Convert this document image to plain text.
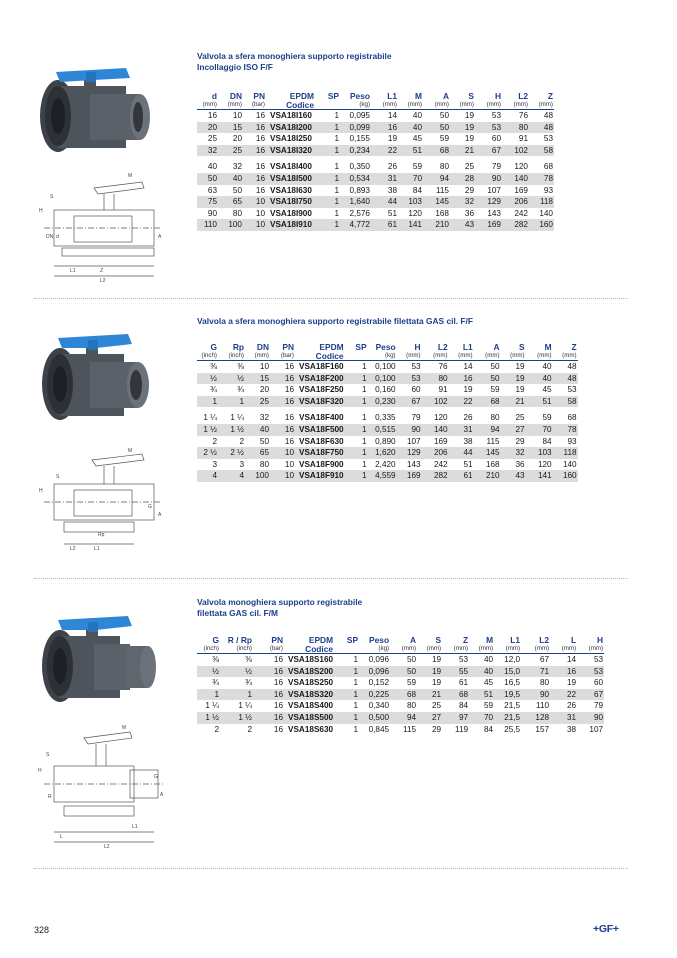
Valvola a sfera monoghiera supporto registrabile
Incollaggio ISO F/F
M
S
H
DN d	A
Z
L1
L2
d	DN	PN	EPDM	SP	Peso	L1	M	A	S	H	L2	Z
(mm)	(mm)	(bar)	Codice		(kg)	(mm)	(mm)	(mm)	(mm)	(mm)	(mm)	(mm)
16	10	16	VSA18I160	1	0,095	14	40	50	19	53	76	48
20	15	16	VSA18I200	1	0,099	16	40	50	19	53	80	48
25	20	16	VSA18I250	1	0,155	19	45	59	19	60	91	53
32	25	16	VSA18I320	1	0,234	22	51	68	21	67	102	58
40	32	16	VSA18I400	1	0,350	26	59	80	25	79	120	68
50	40	16	VSA18I500	1	0,534	31	70	94	28	90	140	78
63	50	16	VSA18I630	1	0,893	38	84	115	29	107	169	93
75	65	10	VSA18I750	1	1,640	44	103	145	32	129	206	118
90	80	10	VSA18I900	1	2,576	51	120	168	36	143	242	140
110	100	10	VSA18I910	1	4,772	61	141	210	43	169	282	160
Valvola a sfera monoghiera supporto registrabile filettata GAS cil. F/F
M
S
H
G
A
Rp
L1
L2
G	Rp	DN	PN	EPDM	SP	Peso	H	L2	L1	A	S	M	Z
(inch)	(inch)	(mm)	(bar)	Codice		(kg)	(mm)	(mm)	(mm)	(mm)	(mm)	(mm)	(mm)
⅜	⅜	10	16	VSA18F160	1	0,100	53	76	14	50	19	40	48
½	½	15	16	VSA18F200	1	0,100	53	80	16	50	19	40	48
¾	¾	20	16	VSA18F250	1	0,160	60	91	19	59	19	45	53
1	1	25	16	VSA18F320	1	0,230	67	102	22	68	21	51	58
1 ¼	1 ¼	32	16	VSA18F400	1	0,335	79	120	26	80	25	59	68
1 ½	1 ½	40	16	VSA18F500	1	0,515	90	140	31	94	27	70	78
2	2	50	16	VSA18F630	1	0,890	107	169	38	115	29	84	93
2 ½	2 ½	65	10	VSA18F750	1	1,620	129	206	44	145	32	103	118
3	3	80	10	VSA18F900	1	2,420	143	242	51	168	36	120	140
4	4	100	10	VSA18F910	1	4,559	169	282	61	210	43	141	160
Valvola monoghiera supporto registrabile
filettata GAS cil. F/M
M
S
H
G
A
R
L
L1
L2
G	R / Rp	PN	EPDM	SP	Peso	A	S	Z	M	L1	L2	L	H
(inch)	(inch)	(bar)	Codice		(kg)	(mm)	(mm)	(mm)	(mm)	(mm)	(mm)	(mm)	(mm)
⅜	⅜	16	VSA18S160	1	0,096	50	19	53	40	12,0	67	14	53
½	½	16	VSA18S200	1	0,096	50	19	55	40	15,0	71	16	53
¾	¾	16	VSA18S250	1	0,152	59	19	61	45	16,5	80	19	60
1	1	16	VSA18S320	1	0,225	68	21	68	51	19,5	90	22	67
1 ¼	1 ¼	16	VSA18S400	1	0,340	80	25	84	59	21,5	110	26	79
1 ½	1 ½	16	VSA18S500	1	0,500	94	27	97	70	21,5	128	31	90
2	2	16	VSA18S630	1	0,845	115	29	119	84	25,5	157	38	107
328	+GF+
